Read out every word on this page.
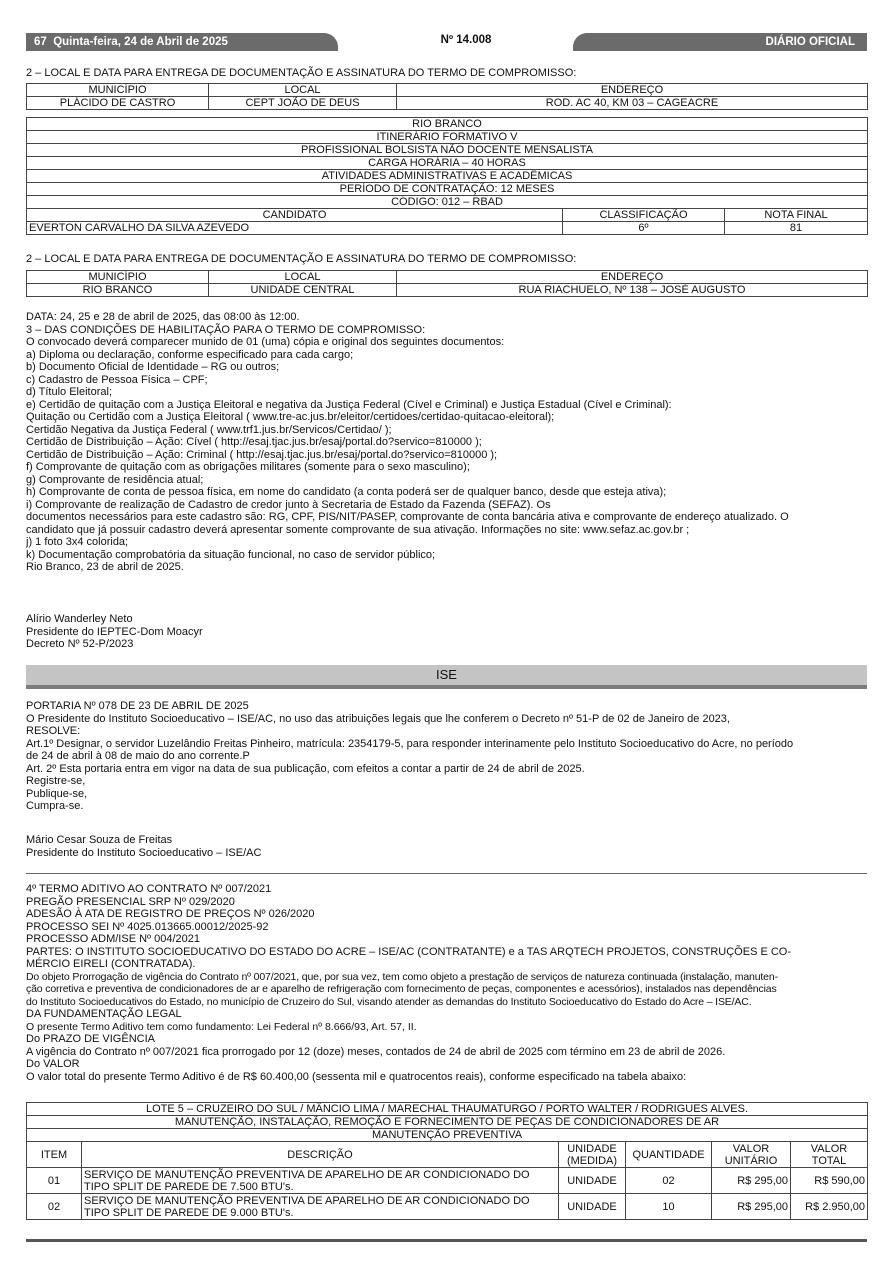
67 Quinta-feira, 24 de Abril de 2025	Nº 14.008	DIÁRIO OFICIAL

2 – LOCAL E DATA PARA ENTREGA DE DOCUMENTAÇÃO E ASSINATURA DO TERMO DE COMPROMISSO:

MUNICÍPIO	LOCAL	ENDEREÇO
PLÁCIDO DE CASTRO	CEPT JOÃO DE DEUS	ROD. AC 40, KM 03 – CAGEACRE
RIO BRANCO		
ITINERÁRIO FORMATIVO V		
PROFISSIONAL BOLSISTA NÃO DOCENTE MENSALISTA		
CARGA HORÁRIA – 40 HORAS		
ATIVIDADES ADMINISTRATIVAS E ACADÊMICAS		
PERÍODO DE CONTRATAÇÃO: 12 MESES		
CÓDIGO: 012 – RBAD		
CANDIDATO	CLASSIFICAÇÃO	NOTA FINAL
EVERTON CARVALHO DA SILVA AZEVEDO	6º	81

2 – LOCAL E DATA PARA ENTREGA DE DOCUMENTAÇÃO E ASSINATURA DO TERMO DE COMPROMISSO:

MUNICÍPIO	LOCAL	ENDEREÇO
RIO BRANCO	UNIDADE CENTRAL	RUA RIACHUELO, Nº 138 – JOSÉ AUGUSTO

DATA: 24, 25 e 28 de abril de 2025, das 08:00 às 12:00.

3 – DAS CONDIÇÕES DE HABILITAÇÃO PARA O TERMO DE COMPROMISSO:

O convocado deverá comparecer munido de 01 (uma) cópia e original dos seguintes documentos:

a) Diploma ou declaração, conforme especificado para cada cargo;

b) Documento Oficial de Identidade – RG ou outros;

c) Cadastro de Pessoa Física – CPF;

d) Título Eleitoral;

e) Certidão de quitação com a Justiça Eleitoral e negativa da Justiça Federal (Cível e Criminal) e Justiça Estadual (Cível e Criminal):

Quitação ou Certidão com a Justiça Eleitoral ( www.tre-ac.jus.br/eleitor/certidoes/certidao-quitacao-eleitoral);

Certidão Negativa da Justiça Federal ( www.trf1.jus.br/Servicos/Certidao/ );

Certidão de Distribuição – Ação: Cível ( http://esaj.tjac.jus.br/esaj/portal.do?servico=810000 );

Certidão de Distribuição – Ação: Criminal ( http://esaj.tjac.jus.br/esaj/portal.do?servico=810000 );

f) Comprovante de quitação com as obrigações militares (somente para o sexo masculino);

g) Comprovante de residência atual;

h) Comprovante de conta de pessoa física, em nome do candidato (a conta poderá ser de qualquer banco, desde que esteja ativa);

i) Comprovante de realização de Cadastro de credor junto à Secretaria de Estado da Fazenda (SEFAZ). Os

documentos necessários para este cadastro são: RG, CPF, PIS/NIT/PASEP, comprovante de conta bancária ativa e comprovante de endereço atualizado. O

candidato que já possuir cadastro deverá apresentar somente comprovante de sua ativação. Informações no site: www.sefaz.ac.gov.br ;

j) 1 foto 3x4 colorida;

k) Documentação comprobatória da situação funcional, no caso de servidor público;

Rio Branco, 23 de abril de 2025.

Alírio Wanderley Neto

Presidente do IEPTEC-Dom Moacyr

Decreto Nº 52-P/2023

ISE

PORTARIA Nº 078 DE 23 DE ABRIL DE 2025

O Presidente do Instituto Socioeducativo – ISE/AC, no uso das atribuições legais que lhe conferem o Decreto nº 51-P de 02 de Janeiro de 2023,

RESOLVE:

Art.1º Designar, o servidor Luzelândio Freitas Pinheiro, matrícula: 2354179-5, para responder interinamente pelo Instituto Socioeducativo do Acre, no período

de 24 de abril à 08 de maio do ano corrente.P

Art. 2º Esta portaria entra em vigor na data de sua publicação, com efeitos a contar a partir de 24 de abril de 2025.

Registre-se,

Publique-se,

Cumpra-se.

Mário Cesar Souza de Freitas

Presidente do Instituto Socioeducativo – ISE/AC

4º TERMO ADITIVO AO CONTRATO Nº 007/2021

PREGÃO PRESENCIAL SRP Nº 029/2020

ADESÃO À ATA DE REGISTRO DE PREÇOS Nº 026/2020

PROCESSO SEI Nº 4025.013665.00012/2025-92

PROCESSO ADM/ISE Nº 004/2021

PARTES: O INSTITUTO SOCIOEDUCATIVO DO ESTADO DO ACRE – ISE/AC (CONTRATANTE) e a TAS ARQTECH PROJETOS, CONSTRUÇÕES E CO-

MÉRCIO EIRELI (CONTRATADA).

Do objeto Prorrogação de vigência do Contrato nº 007/2021, que, por sua vez, tem como objeto a prestação de serviços de natureza continuada (instalação, manuten-

ção corretiva e preventiva de condicionadores de ar e aparelho de refrigeração com fornecimento de peças, componentes e acessórios), instalados nas dependências

do Instituto Socioeducativos do Estado, no município de Cruzeiro do Sul, visando atender as demandas do Instituto Socioeducativo do Estado do Acre – ISE/AC.

DA FUNDAMENTAÇÃO LEGAL

O presente Termo Aditivo tem como fundamento: Lei Federal nº 8.666/93, Art. 57, II.

Do PRAZO DE VIGÊNCIA

A vigência do Contrato nº 007/2021 fica prorrogado por 12 (doze) meses, contados de 24 de abril de 2025 com término em 23 de abril de 2026.

Do VALOR

O valor total do presente Termo Aditivo é de R$ 60.400,00 (sessenta mil e quatrocentos reais), conforme especificado na tabela abaixo:

LOTE 5 – CRUZEIRO DO SUL / MÂNCIO LIMA / MARECHAL THAUMATURGO / PORTO WALTER / RODRIGUES ALVES.					
MANUTENÇÃO, INSTALAÇÃO, REMOÇÃO E FORNECIMENTO DE PEÇAS DE CONDICIONADORES DE AR					
MANUTENÇÃO PREVENTIVA					
ITEM	DESCRIÇÃO	UNIDADE (MEDIDA)	QUANTIDADE	VALOR UNITÁRIO	VALOR TOTAL
01	SERVIÇO DE MANUTENÇÃO PREVENTIVA DE APARELHO DE AR CONDICIONADO DO TIPO SPLIT DE PAREDE DE 7.500 BTU's.	UNIDADE	02	R$ 295,00	R$ 590,00
02	SERVIÇO DE MANUTENÇÃO PREVENTIVA DE APARELHO DE AR CONDICIONADO DO TIPO SPLIT DE PAREDE DE 9.000 BTU's.	UNIDADE	10	R$ 295,00	R$ 2.950,00
